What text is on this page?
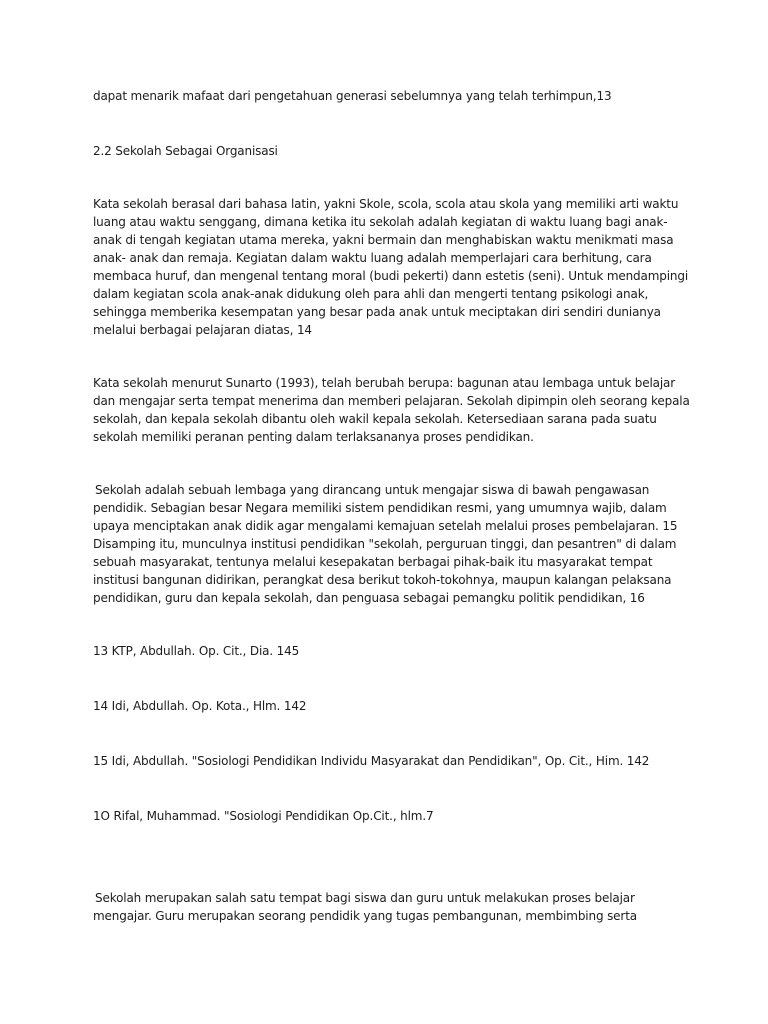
dapat menarik mafaat dari pengetahuan generasi sebelumnya yang telah terhimpun,13
2.2 Sekolah Sebagai Organisasi
Kata sekolah berasal dari bahasa latin, yakni Skole, scola, scola atau skola yang memiliki arti waktu
luang atau waktu senggang, dimana ketika itu sekolah adalah kegiatan di waktu luang bagi anak-
anak di tengah kegiatan utama mereka, yakni bermain dan menghabiskan waktu menikmati masa
anak- anak dan remaja. Kegiatan dalam waktu luang adalah memperlajari cara berhitung, cara
membaca huruf, dan mengenal tentang moral (budi pekerti) dann estetis (seni). Untuk mendampingi
dalam kegiatan scola anak-anak didukung oleh para ahli dan mengerti tentang psikologi anak,
sehingga memberika kesempatan yang besar pada anak untuk meciptakan diri sendiri dunianya
melalui berbagai pelajaran diatas, 14
Kata sekolah menurut Sunarto (1993), telah berubah berupa: bagunan atau lembaga untuk belajar
dan mengajar serta tempat menerima dan memberi pelajaran. Sekolah dipimpin oleh seorang kepala
sekolah, dan kepala sekolah dibantu oleh wakil kepala sekolah. Ketersediaan sarana pada suatu
sekolah memiliki peranan penting dalam terlaksananya proses pendidikan.
Sekolah adalah sebuah lembaga yang dirancang untuk mengajar siswa di bawah pengawasan
pendidik. Sebagian besar Negara memiliki sistem pendidikan resmi, yang umumnya wajib, dalam
upaya menciptakan anak didik agar mengalami kemajuan setelah melalui proses pembelajaran. 15
Disamping itu, munculnya institusi pendidikan "sekolah, perguruan tinggi, dan pesantren" di dalam
sebuah masyarakat, tentunya melalui kesepakatan berbagai pihak-baik itu masyarakat tempat
institusi bangunan didirikan, perangkat desa berikut tokoh-tokohnya, maupun kalangan pelaksana
pendidikan, guru dan kepala sekolah, dan penguasa sebagai pemangku politik pendidikan, 16
13 KTP, Abdullah. Op. Cit., Dia. 145
14 Idi, Abdullah. Op. Kota., Hlm. 142
15 Idi, Abdullah. "Sosiologi Pendidikan Individu Masyarakat dan Pendidikan", Op. Cit., Him. 142
1O Rifal, Muhammad. "Sosiologi Pendidikan Op.Cit., hlm.7
Sekolah merupakan salah satu tempat bagi siswa dan guru untuk melakukan proses belajar
mengajar. Guru merupakan seorang pendidik yang tugas pembangunan, membimbing serta
